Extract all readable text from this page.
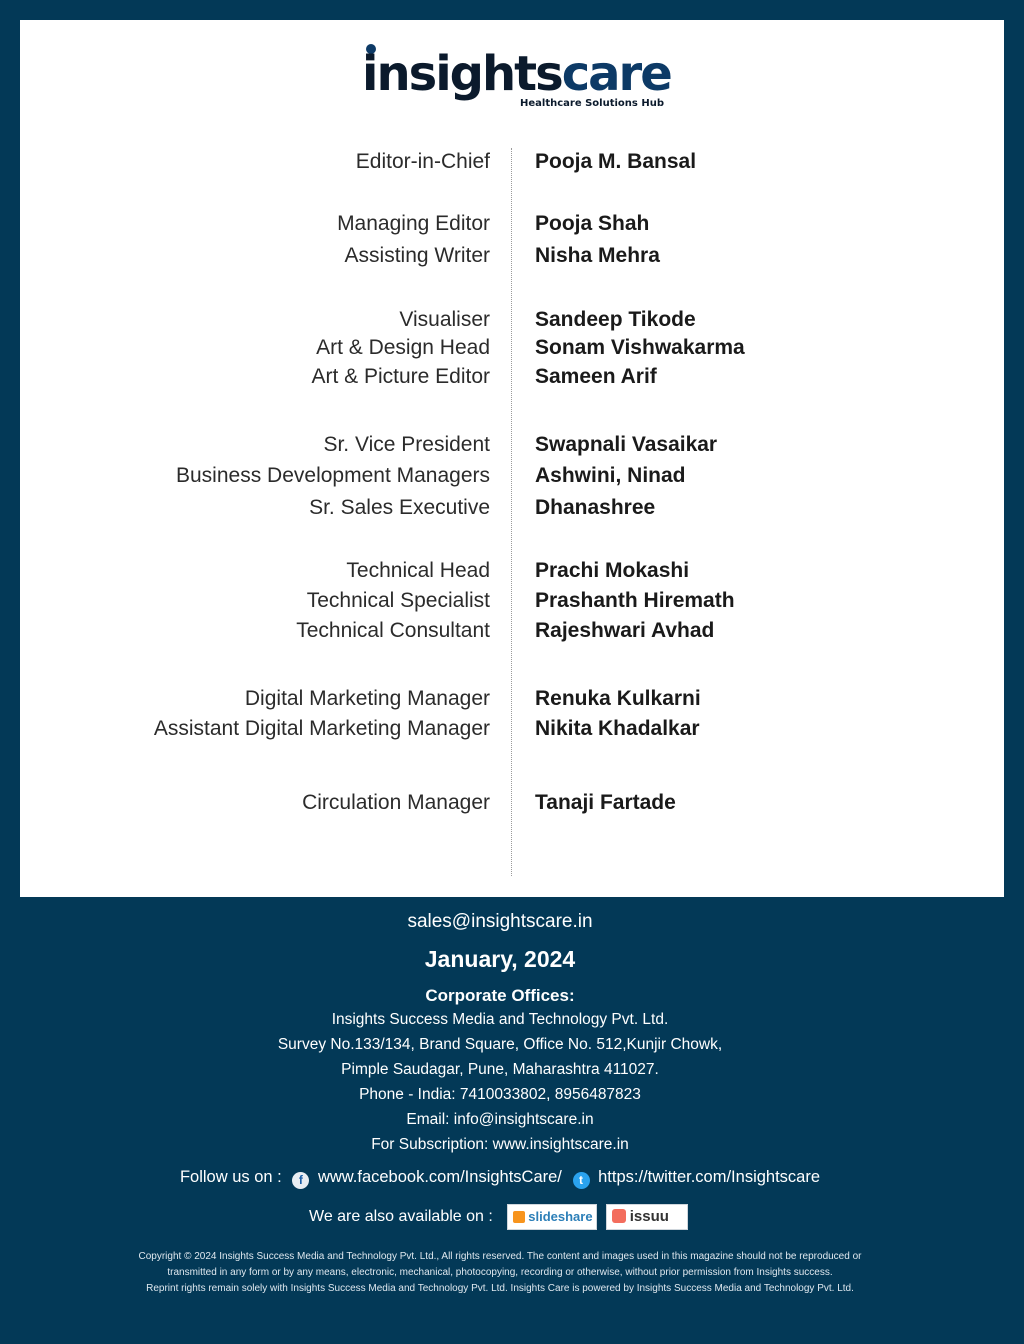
insightscare
Healthcare Solutions Hub
Editor-in-Chief Pooja M. Bansal
Managing Editor Pooja Shah
Assisting Writer Nisha Mehra
Visualiser Sandeep Tikode
Art & Design Head Sonam Vishwakarma
Art & Picture Editor Sameen Arif
Sr. Vice President Swapnali Vasaikar
Business Development Managers Ashwini, Ninad
Sr. Sales Executive Dhanashree
Technical Head Prachi Mokashi
Technical Specialist Prashanth Hiremath
Technical Consultant Rajeshwari Avhad
Digital Marketing Manager Renuka Kulkarni
Assistant Digital Marketing Manager Nikita Khadalkar
Circulation Manager Tanaji Fartade
sales@insightscare.in
January, 2024
Corporate Offices:
Insights Success Media and Technology Pvt. Ltd.
Survey No.133/134, Brand Square, Office No. 512,Kunjir Chowk,
Pimple Saudagar, Pune, Maharashtra 411027.
Phone - India: 7410033802, 8956487823
Email: info@insightscare.in
For Subscription: www.insightscare.in
Follow us on : f www.facebook.com/InsightsCare/ t https://twitter.com/Insightscare
We are also available on :	slideshare issuu
Copyright © 2024 Insights Success Media and Technology Pvt. Ltd., All rights reserved. The content and images used in this magazine should not be reproduced or
transmitted in any form or by any means, electronic, mechanical, photocopying, recording or otherwise, without prior permission from Insights success.
Reprint rights remain solely with Insights Success Media and Technology Pvt. Ltd. Insights Care is powered by Insights Success Media and Technology Pvt. Ltd.
